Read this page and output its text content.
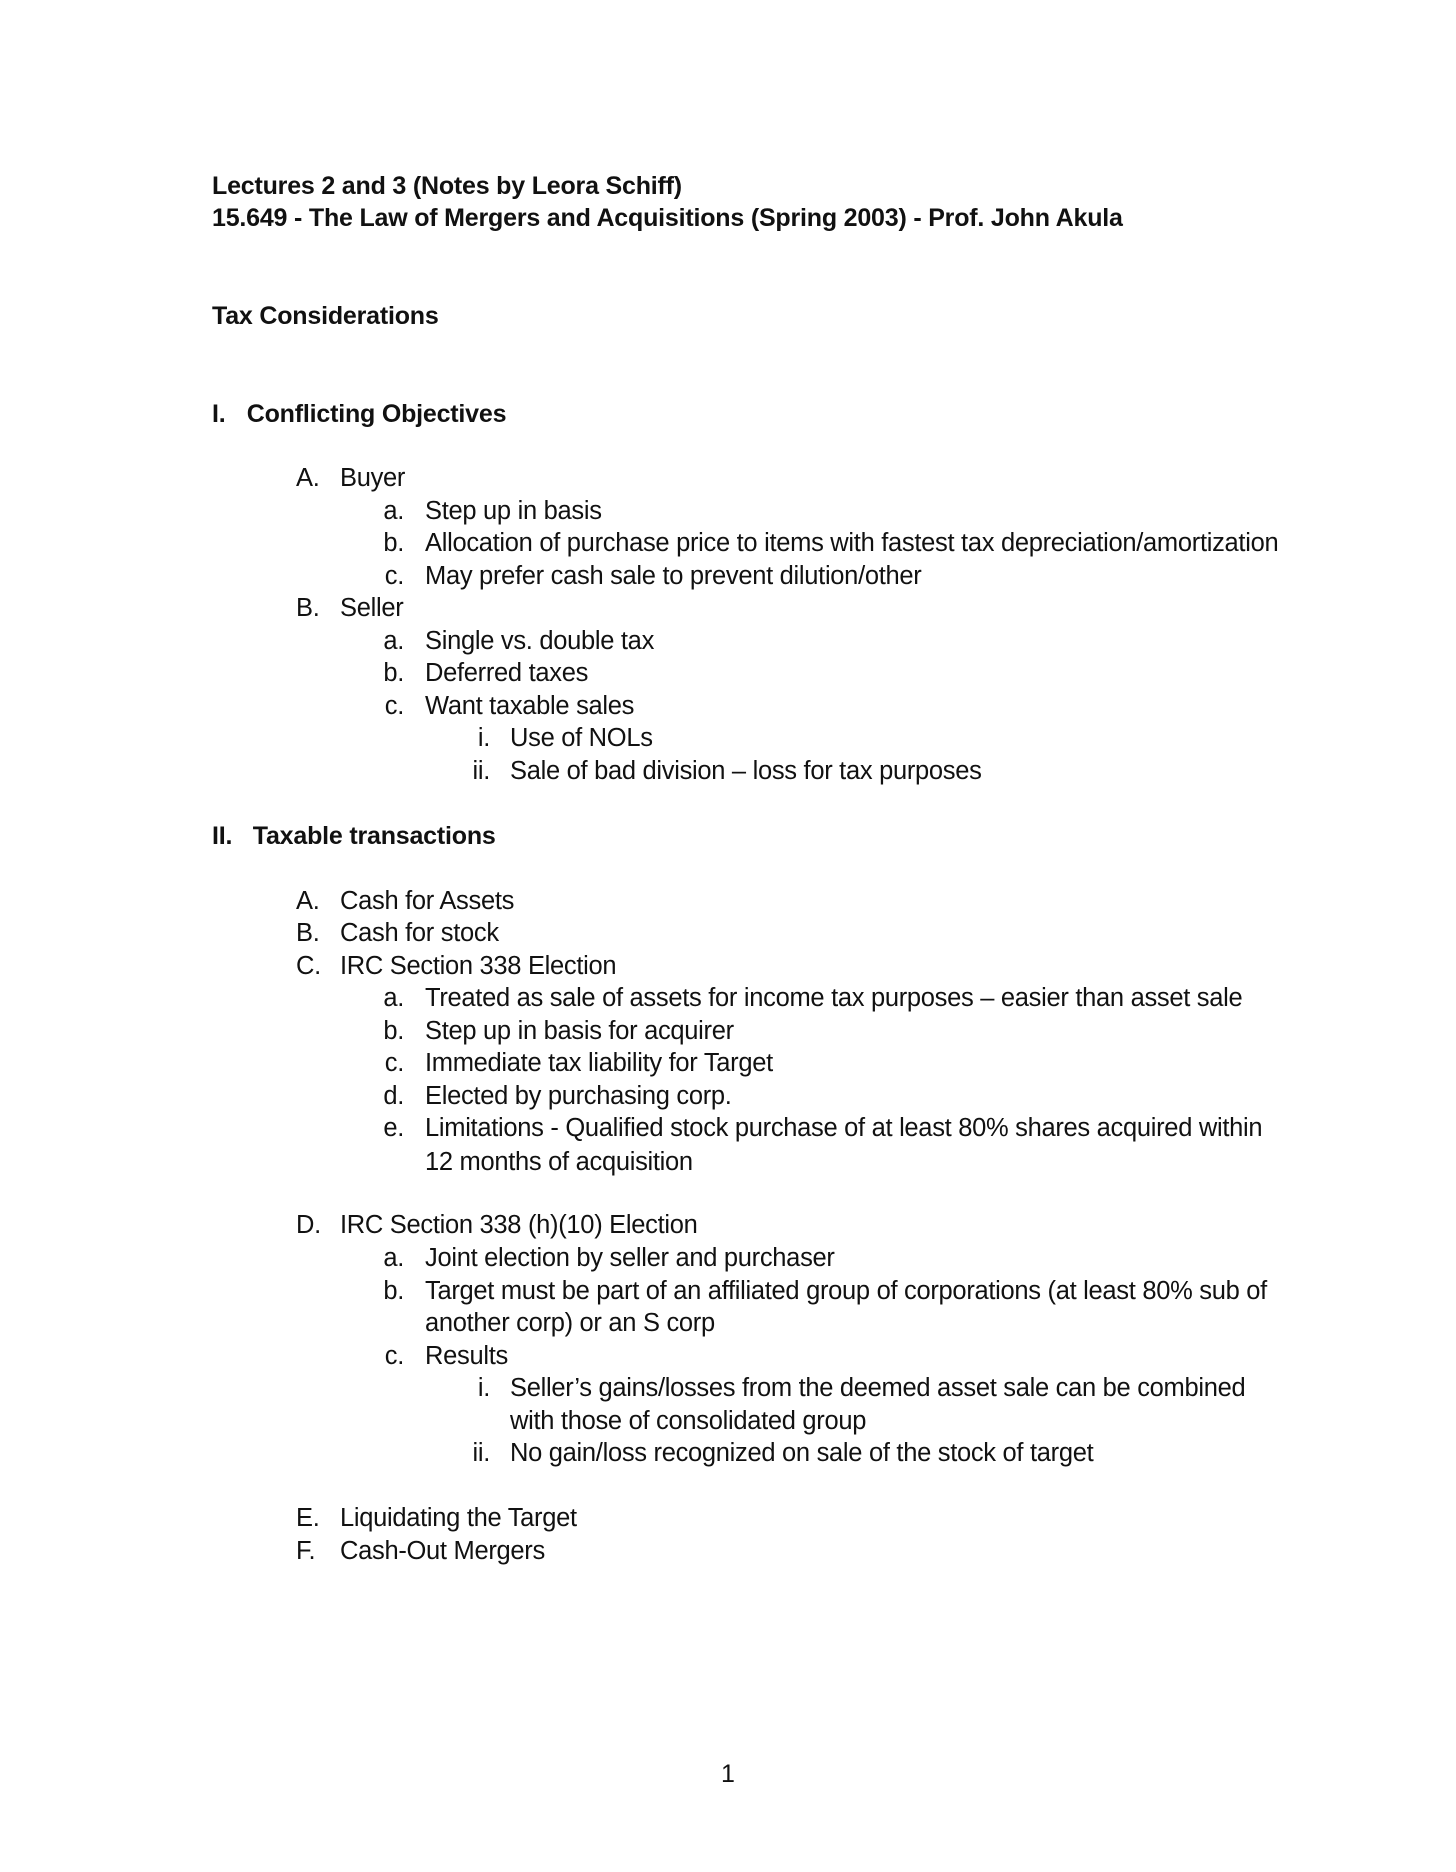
Lectures 2 and 3 (Notes by Leora Schiff)
15.649 - The Law of Mergers and Acquisitions (Spring 2003) - Prof. John Akula
Tax Considerations
I. Conflicting Objectives
A. Buyer
a. Step up in basis
b. Allocation of purchase price to items with fastest tax depreciation/amortization
c. May prefer cash sale to prevent dilution/other
B. Seller
a. Single vs. double tax
b. Deferred taxes
c. Want taxable sales
i. Use of NOLs
ii. Sale of bad division – loss for tax purposes
II. Taxable transactions
A. Cash for Assets
B. Cash for stock
C. IRC Section 338 Election
a. Treated as sale of assets for income tax purposes – easier than asset sale
b. Step up in basis for acquirer
c. Immediate tax liability for Target
d. Elected by purchasing corp.
e. Limitations - Qualified stock purchase of at least 80% shares acquired within
12 months of acquisition
D. IRC Section 338 (h)(10) Election
a. Joint election by seller and purchaser
b. Target must be part of an affiliated group of corporations (at least 80% sub of
another corp) or an S corp
c. Results
i. Seller’s gains/losses from the deemed asset sale can be combined
with those of consolidated group
ii. No gain/loss recognized on sale of the stock of target
E. Liquidating the Target
F. Cash-Out Mergers
1
